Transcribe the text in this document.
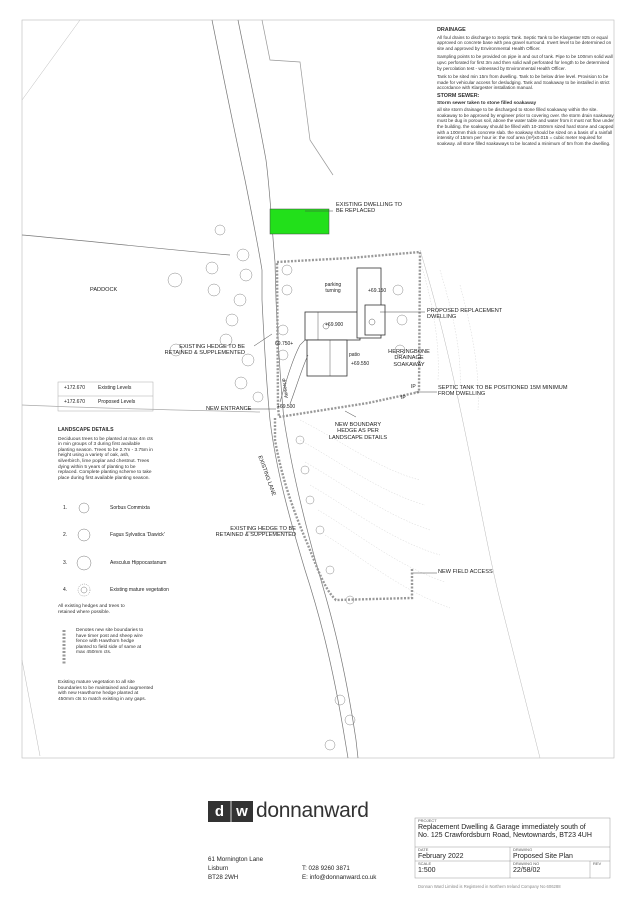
DRAINAGE

All foul drains to discharge to Septic Tank. Septic Tank to be Klargester 825 or equal approved on concrete base with pea gravel surround. Invert level to be determined on site and approved by Environmental Health Officer.

Sampling points to be provided on pipe in and out of tank. Pipe to be 100mm solid wall upvc perforated for first 3m and then solid wall perforated for length to be determined by percolation test - witnessed by Environmental Health Officer.

Tank to be sited min 15m from dwelling. Tank to be below drive level. Provision to be made for vehicular access for desludging. Tank and Soakaway to be installed in strict accordance with Klargester installation manual.

STORM SEWER:
Storm sewer taken to stone filled soakaway

all site storm drainage to be discharged to stone filled soakaway within the site. soakaway to be approved by engineer prior to covering over. the storm drain soakaway must be dug in porous soil, above the water table and water from it must not flow under the building. the soakway should be filled with 10-150mm sized hard stone and capped with a 100mm thick concrete slab. the soakway should be sized on a basis of a rainfall intensity of 15mm per hour ie: the roof area (m²)x0.015 = cubic meter required for soakway. all stone filled soakaways to be located a minimum of 5m from the dwelling.

EXISTING DWELLING TO BE REPLACED
PADDOCK
parking turning	+69.150
+69.900
69.750+
patio
+69.550
driveway
+69.500
PROPOSED REPLACEMENT DWELLING
HERRINGBONE DRAINAGE SOAKAWAY
EXISTING HEDGE TO BE RETAINED & SUPPLEMENTED
NEW ENTRANCE
SEPTIC TANK TO BE POSITIONED 15M MINIMUM FROM DWELLING
IP
IP
NEW BOUNDARY HEDGE AS PER LANDSCAPE DETAILS
EXISTING LANE
EXISTING HEDGE TO BE RETAINED & SUPPLEMENTED
NEW FIELD ACCESS
+172.670	Existing Levels
+172.670	Proposed Levels
LANDSCAPE DETAILS
Deciduous trees to be planted at max 4m cts in min groups of 3 during first available planting season. Trees to be 2.7m - 3.75m in height using a variety of oak, ash, silverbirch, lime poplar and chestnut. Trees dying within 5 years of planting to be replaced. Complete planting scheme to take place during first available planting season.
1.	Sorbus Commixta
2.	Fagus Sylvatica 'Dawick'
3.	Aesculus Hippocastanum
4.	Existing mature vegetation
All existing hedges and trees to retained where possible.
Denotes new site boundaries to have timer post and sheep wire fence with Hawthorn hedge planted to field side of same at max 450mm cts.
Existing mature vegetation to all site boundaries to be maintained and augmented with new Hawthorne hedge planted at 450mm cts to match existing in any gaps.
d w donnanward
61 Mornington Lane
Lisburn
BT28 2WH
T: 028 9260 3871
E: info@donnanward.co.uk
PROJECT
Replacement Dwelling & Garage immediately south of
No. 125 Crawfordsburn Road, Newtownards, BT23 4UH
DATE
February 2022
DRAWING
Proposed Site Plan
SCALE
1:500
DRAWING NO
22/58/02
REV
Donnan Ward Limited is Registered in Northern Ireland Company No 606288
